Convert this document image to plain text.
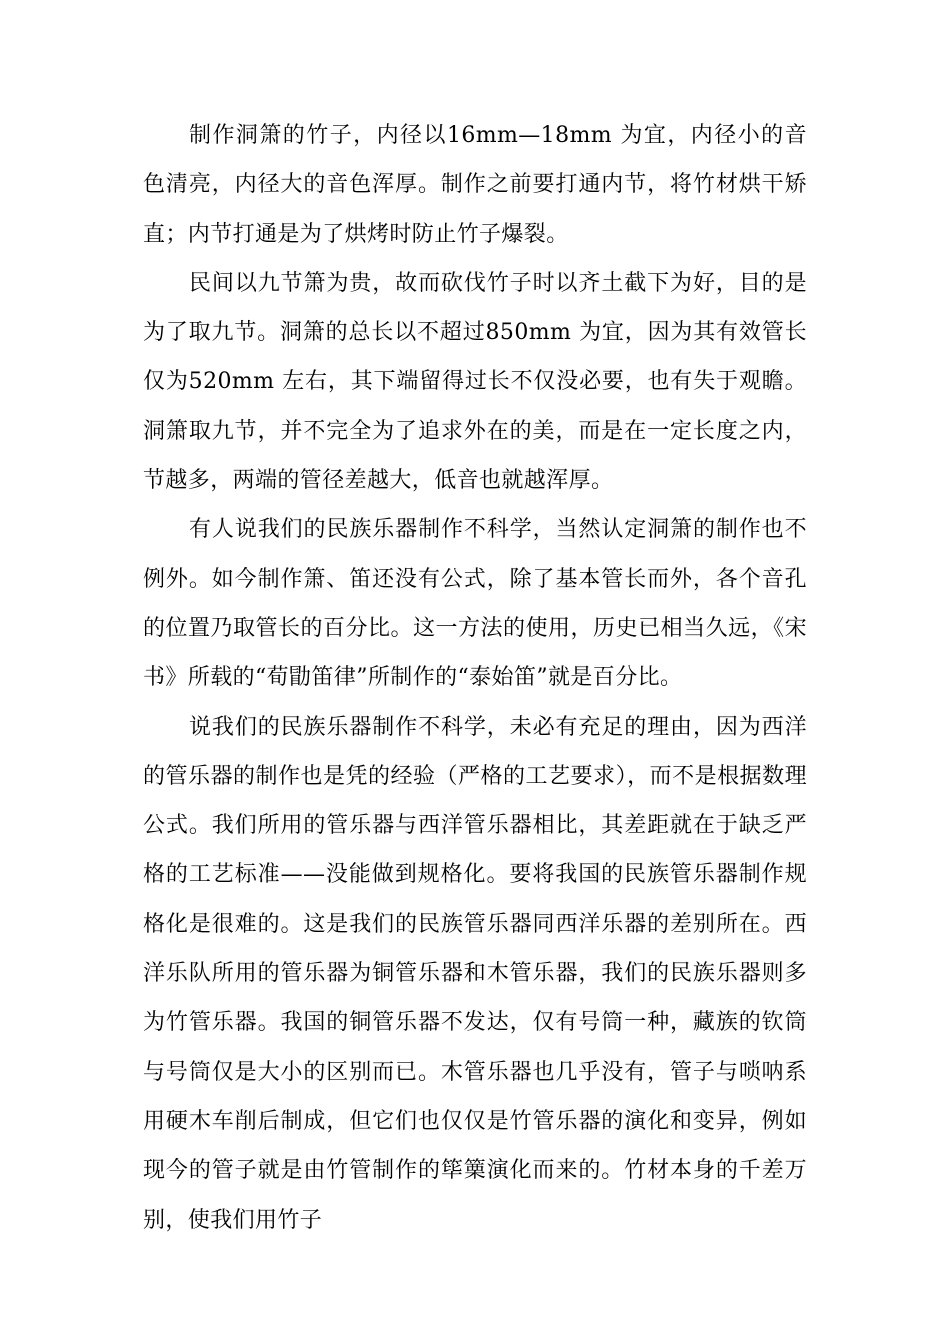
制作洞箫的竹子，内径以16mm—18mm 为宜，内径小的音色清亮，内径大的音色浑厚。制作之前要打通内节，将竹材烘干矫直；内节打通是为了烘烤时防止竹子爆裂。

民间以九节箫为贵，故而砍伐竹子时以齐土截下为好，目的是为了取九节。洞箫的总长以不超过850mm 为宜，因为其有效管长仅为520mm 左右，其下端留得过长不仅没必要，也有失于观瞻。洞箫取九节，并不完全为了追求外在的美，而是在一定长度之内，节越多，两端的管径差越大，低音也就越浑厚。

有人说我们的民族乐器制作不科学，当然认定洞箫的制作也不例外。如今制作箫、笛还没有公式，除了基本管长而外，各个音孔的位置乃取管长的百分比。这一方法的使用，历史已相当久远，《宋书》所载的“荀勖笛律”所制作的“泰始笛”就是百分比。

说我们的民族乐器制作不科学，未必有充足的理由，因为西洋的管乐器的制作也是凭的经验（严格的工艺要求），而不是根据数理公式。我们所用的管乐器与西洋管乐器相比，其差距就在于缺乏严格的工艺标准——没能做到规格化。要将我国的民族管乐器制作规格化是很难的。这是我们的民族管乐器同西洋乐器的差别所在。西洋乐队所用的管乐器为铜管乐器和木管乐器，我们的民族乐器则多为竹管乐器。我国的铜管乐器不发达，仅有号筒一种，藏族的钦筒与号筒仅是大小的区别而已。木管乐器也几乎没有，管子与唢呐系用硬木车削后制成，但它们也仅仅是竹管乐器的演化和变异，例如现今的管子就是由竹管制作的筚篥演化而来的。竹材本身的千差万别，使我们用竹子
